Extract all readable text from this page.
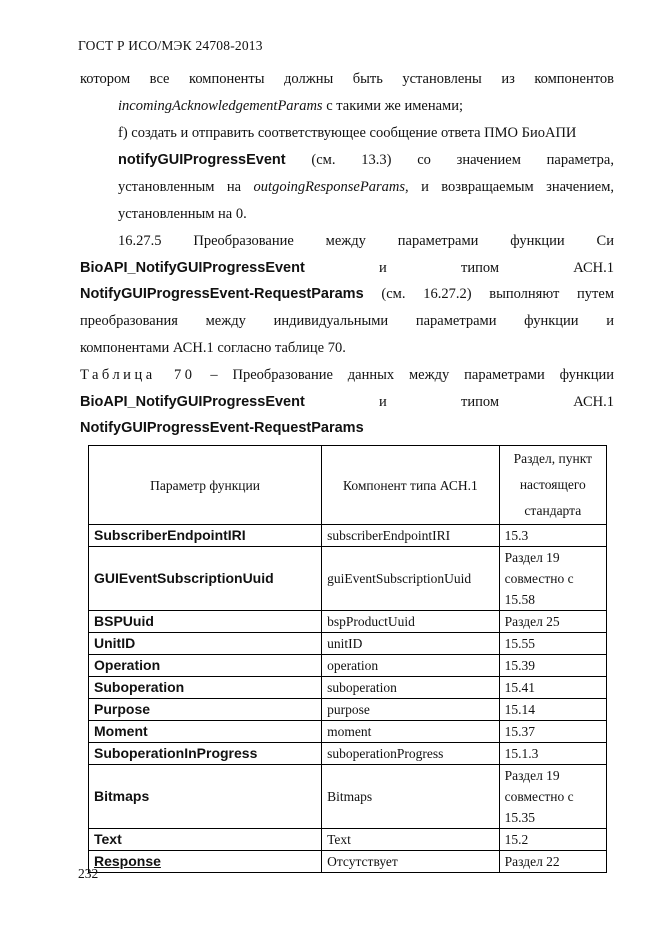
ГОСТ Р ИСО/МЭК 24708-2013
котором все компоненты должны быть установлены из компонентов
incomingAcknowledgementParams с такими же именами;
f) создать и отправить соответствующее сообщение ответа ПМО БиоАПИ
notifyGUIProgressEvent (см. 13.3) со значением параметра,
установленным на outgoingResponseParams, и возвращаемым значением,
установленным на 0.
16.27.5 Преобразование между параметрами функции Си
BioAPI_NotifyGUIProgressEvent и типом АСН.1
NotifyGUIProgressEvent-RequestParams (см. 16.27.2) выполняют путем
преобразования между индивидуальными параметрами функции и
компонентами АСН.1 согласно таблице 70.
Таблица 70 – Преобразование данных между параметрами функции
BioAPI_NotifyGUIProgressEvent и типом АСН.1
NotifyGUIProgressEvent-RequestParams
Параметр функции	Компонент типа АСН.1	Раздел, пункт
настоящего
стандарта

SubscriberEndpointIRI	subscriberEndpointIRI	15.3

GUIEventSubscriptionUuid	guiEventSubscriptionUuid	Раздел 19
совместно с
15.58

BSPUuid	bspProductUuid	Раздел 25

UnitID	unitID	15.55

Operation	operation	15.39

Suboperation	suboperation	15.41

Purpose	purpose	15.14

Moment	moment	15.37

SuboperationInProgress	suboperationProgress	15.1.3

Bitmaps	Bitmaps	Раздел 19
совместно с
15.35

Text	Text	15.2

Response	Отсутствует	Раздел 22
232
